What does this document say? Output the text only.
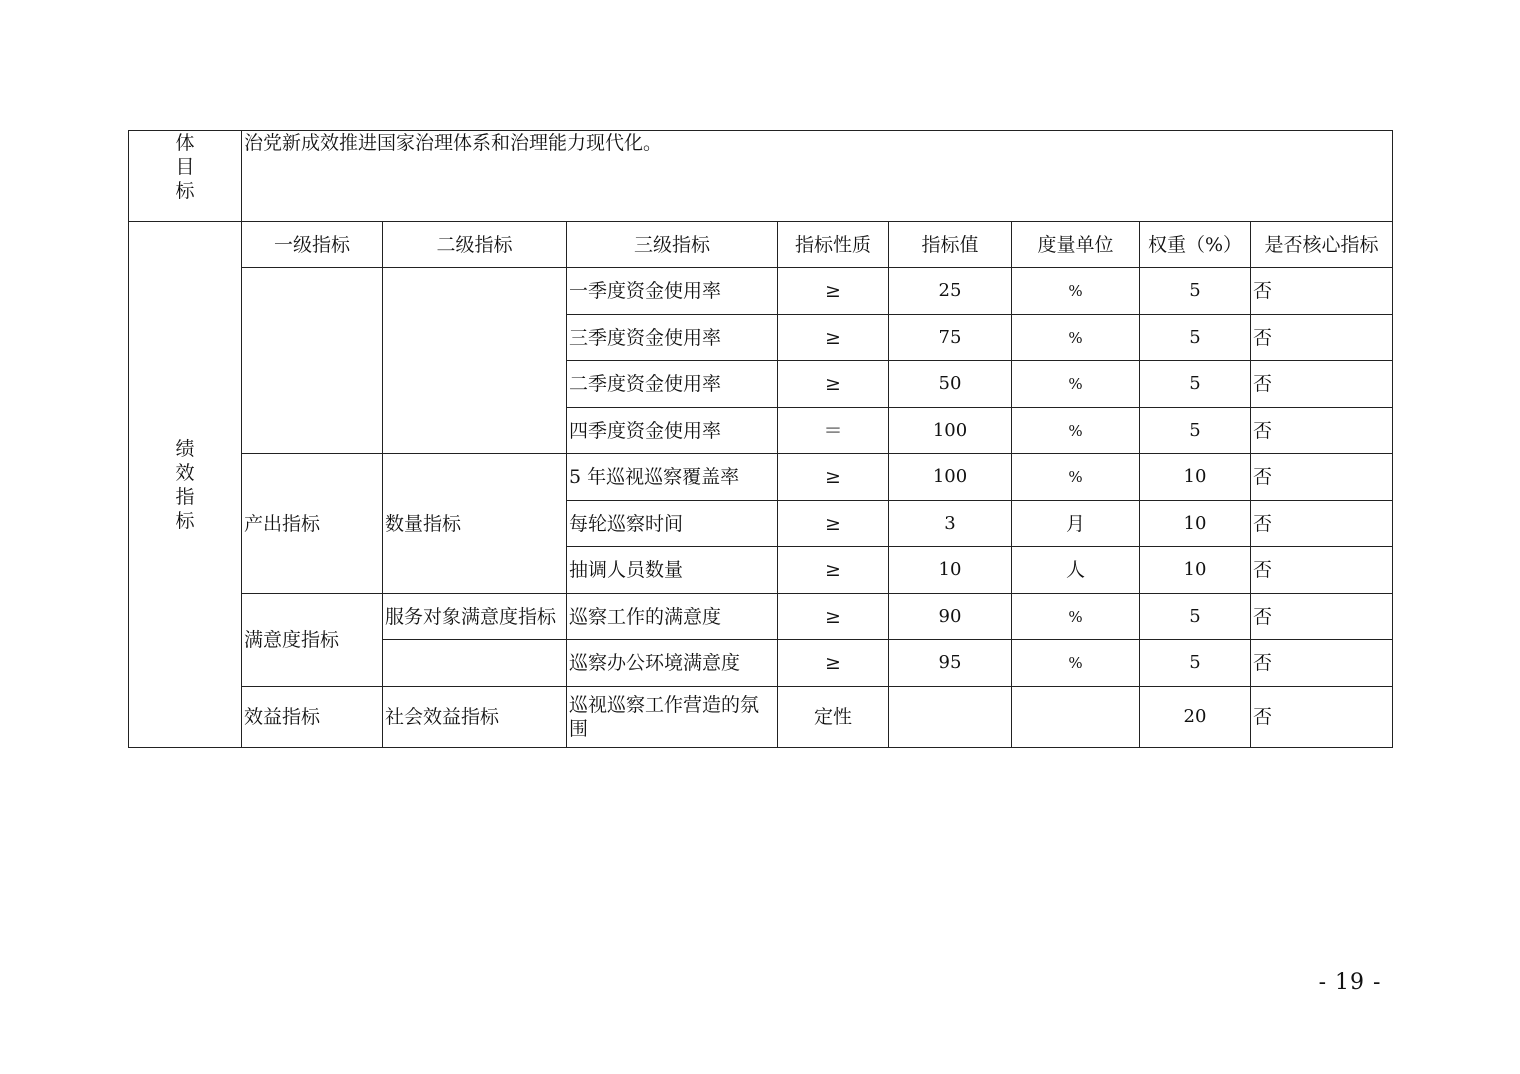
体
目
标	治党新成效推进国家治理体系和治理能力现代化。							
绩
效
指
标	一级指标	二级指标	三级指标	指标性质	指标值	度量单位	权重（%）	是否核心指标
			一季度资金使用率	≥	25	%	5	否
			三季度资金使用率	≥	75	%	5	否
			二季度资金使用率	≥	50	%	5	否
			四季度资金使用率	＝	100	%	5	否
	产出指标	数量指标	5 年巡视巡察覆盖率	≥	100	%	10	否
			每轮巡察时间	≥	3	月	10	否
			抽调人员数量	≥	10	人	10	否
	满意度指标	服务对象满意度指标	巡察工作的满意度	≥	90	%	5	否
			巡察办公环境满意度	≥	95	%	5	否
	效益指标	社会效益指标	巡视巡察工作营造的氛围	定性			20	否
- 19 -
